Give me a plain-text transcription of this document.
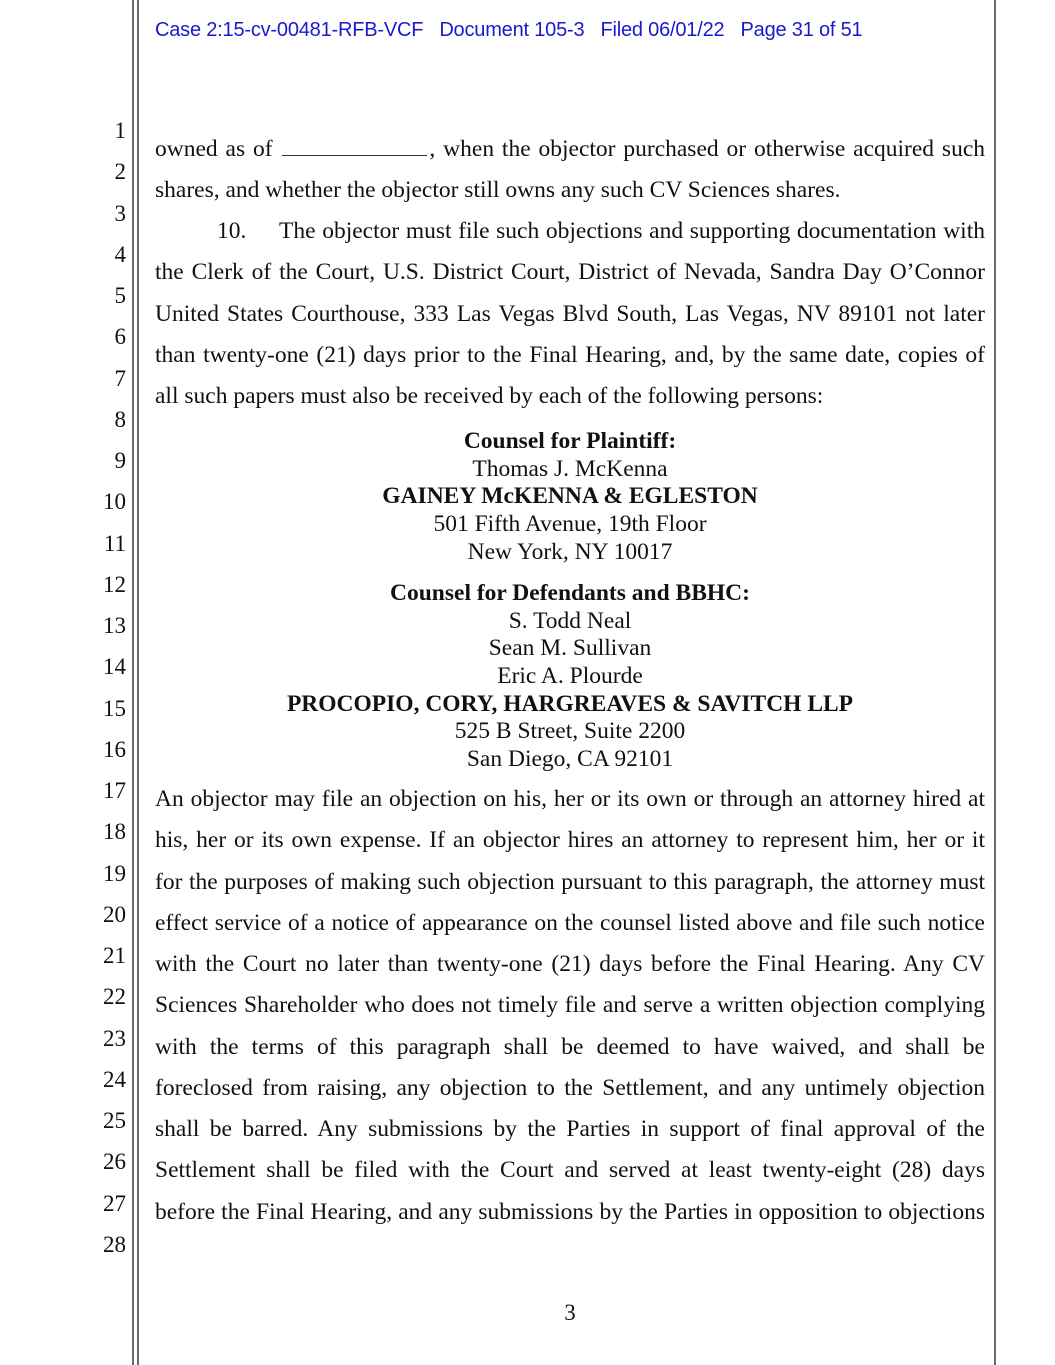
Case 2:15-cv-00481-RFB-VCF Document 105-3 Filed 06/01/22 Page 31 of 51
1
2
3
4
5
6
7
8
9
10
11
12
13
14
15
16
17
18
19
20
21
22
23
24
25
26
27
28
owned as of	, when the objector purchased or otherwise acquired such
shares, and whether the objector still owns any such CV Sciences shares.
10. The objector must file such objections and supporting documentation with
the Clerk of the Court, U.S. District Court, District of Nevada, Sandra Day O’Connor
United States Courthouse, 333 Las Vegas Blvd South, Las Vegas, NV 89101 not later
than twenty-one (21) days prior to the Final Hearing, and, by the same date, copies of
all such papers must also be received by each of the following persons:
Counsel for Plaintiff:
Thomas J. McKenna
GAINEY McKENNA & EGLESTON
501 Fifth Avenue, 19th Floor
New York, NY 10017
Counsel for Defendants and BBHC:
S. Todd Neal
Sean M. Sullivan
Eric A. Plourde
PROCOPIO, CORY, HARGREAVES & SAVITCH LLP
525 B Street, Suite 2200
San Diego, CA 92101
An objector may file an objection on his, her or its own or through an attorney hired at
his, her or its own expense. If an objector hires an attorney to represent him, her or it
for the purposes of making such objection pursuant to this paragraph, the attorney must
effect service of a notice of appearance on the counsel listed above and file such notice
with the Court no later than twenty-one (21) days before the Final Hearing. Any CV
Sciences Shareholder who does not timely file and serve a written objection complying
with the terms of this paragraph shall be deemed to have waived, and shall be
foreclosed from raising, any objection to the Settlement, and any untimely objection
shall be barred. Any submissions by the Parties in support of final approval of the
Settlement shall be filed with the Court and served at least twenty-eight (28) days
before the Final Hearing, and any submissions by the Parties in opposition to objections
3
